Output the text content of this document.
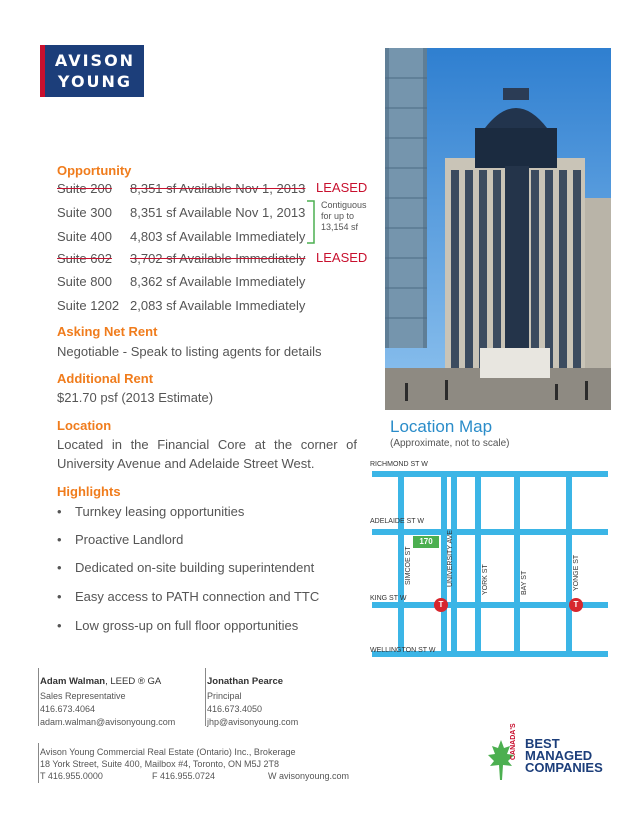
AVISON
YOUNG
Opportunity
Suite 200 8,351 sf Available Nov 1, 2013 LEASED
Suite 300 8,351 sf Available Nov 1, 2013
Suite 400 4,803 sf Available Immediately
Contiguous
for up to
13,154 sf
Suite 602 3,702 sf Available Immediately LEASED
Suite 800 8,362 sf Available Immediately
Suite 1202 2,083 sf Available Immediately
Asking Net Rent
Negotiable - Speak to listing agents for details
Additional Rent
$21.70 psf (2013 Estimate)
Location
Located in the Financial Core at the corner of
University Avenue and Adelaide Street West.
Highlights
• Turnkey leasing opportunities
• Proactive Landlord
• Dedicated on-site building superintendent
• Easy access to PATH connection and TTC
• Low gross-up on full floor opportunities
Location Map
(Approximate, not to scale)
RICHMOND ST W
ADELAIDE ST W
KING ST W
WELLINGTON ST W
SIMCOE ST	UNIVERSITY AVE	YORK ST	BAY ST	YONGE ST
170
T	T
Adam Walman, LEED ® GA
Sales Representative
416.673.4064
adam.walman@avisonyoung.com
Jonathan Pearce
Principal
416.673.4050
jhp@avisonyoung.com
Avison Young Commercial Real Estate (Ontario) Inc., Brokerage
18 York Street, Suite 400, Mailbox #4, Toronto, ON M5J 2T8
T 416.955.0000	F 416.955.0724	W avisonyoung.com
CANADA'S BEST
MANAGED
COMPANIES
